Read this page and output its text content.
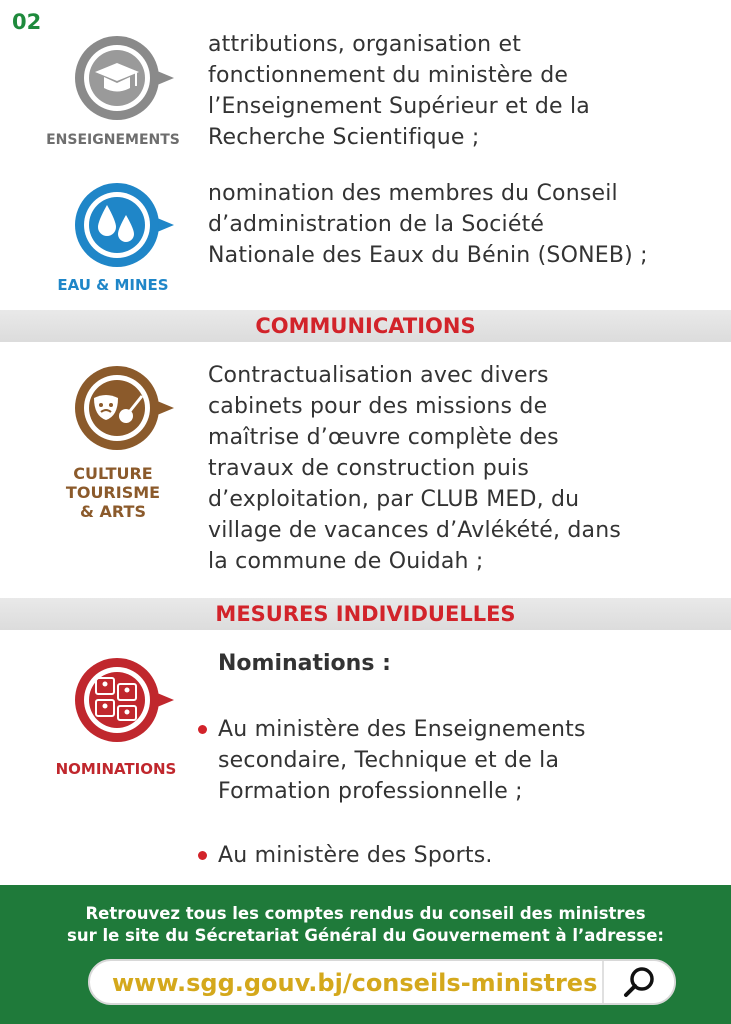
02
ENSEIGNEMENTS
attributions, organisation et
fonctionnement du ministère de
l’Enseignement Supérieur et de la
Recherche Scientifique ;
EAU & MINES
nomination des membres du Conseil
d’administration de la Société
Nationale des Eaux du Bénin (SONEB) ;
COMMUNICATIONS
CULTURE
TOURISME
& ARTS
Contractualisation avec divers
cabinets pour des missions de
maîtrise d’œuvre complète des
travaux de construction puis
d’exploitation, par CLUB MED, du
village de vacances d’Avlékété, dans
la commune de Ouidah ;
MESURES INDIVIDUELLES
NOMINATIONS
Nominations :
Au ministère des Enseignements
secondaire, Technique et de la
Formation professionnelle ;
Au ministère des Sports.
Retrouvez tous les comptes rendus du conseil des ministres
sur le site du Sécretariat Général du Gouvernement à l’adresse:
www.sgg.gouv.bj/conseils-ministres
